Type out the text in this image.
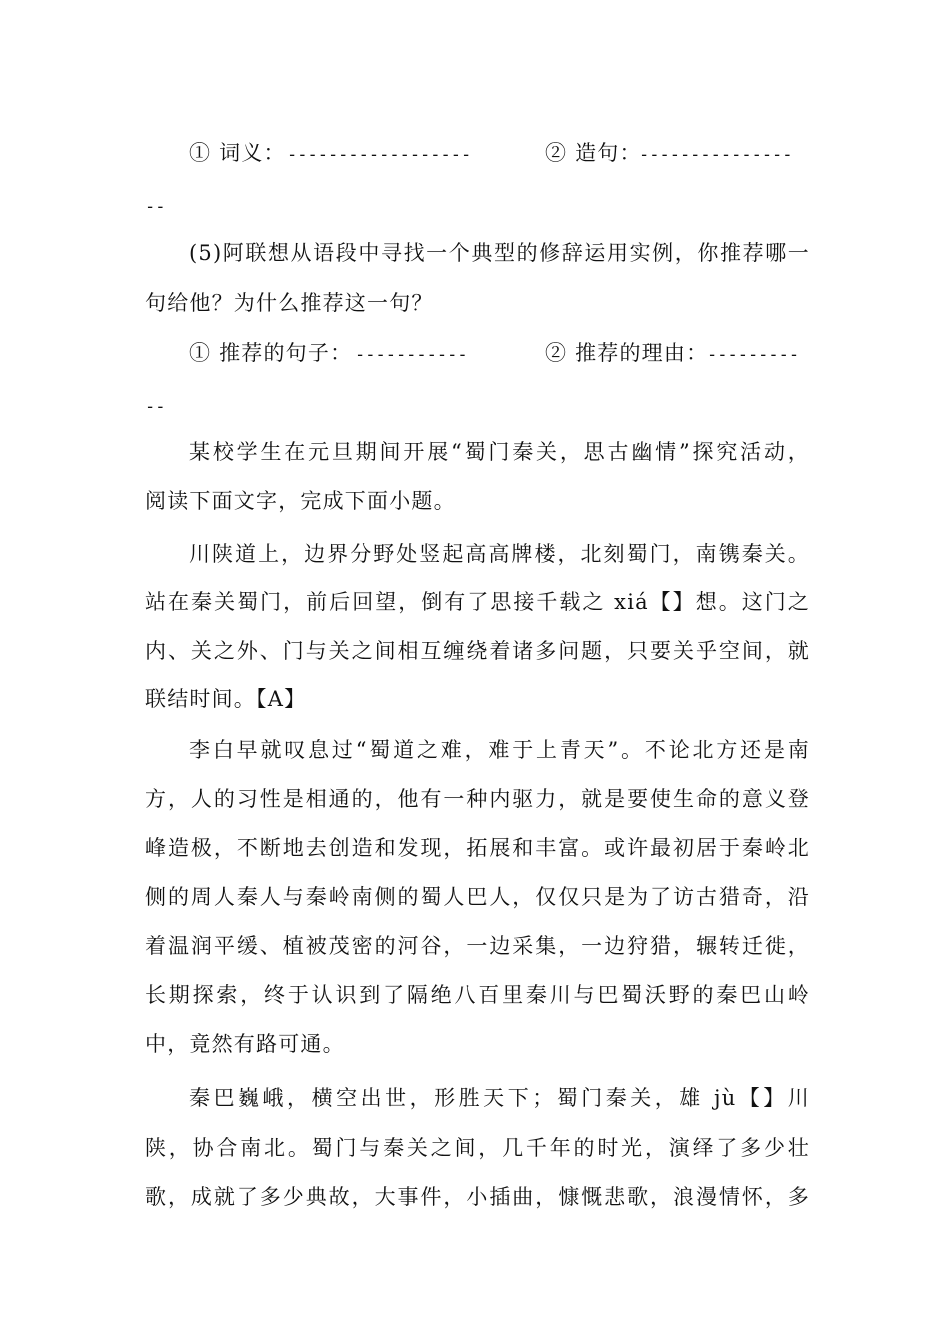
① 词义： ------------------	② 造句：
---------------
--
(5)阿联想从语段中寻找一个典型的修辞运用实例，你推荐哪一
句给他？为什么推荐这一句？
① 推荐的句子： -----------	② 推荐的理由：
---------
--
某校学生在元旦期间开展“蜀门秦关，思古幽情”探究活动，
阅读下面文字，完成下面小题。
川陕道上，边界分野处竖起高高牌楼，北刻蜀门，南镌秦关。
站在秦关蜀门，前后回望，倒有了思接千载之 xiá【】想。这门之
内、关之外、门与关之间相互缠绕着诸多问题，只要关乎空间，就
联结时间。【A】
李白早就叹息过“蜀道之难，难于上青天”。不论北方还是南
方，人的习性是相通的，他有一种内驱力，就是要使生命的意义登
峰造极，不断地去创造和发现，拓展和丰富。或许最初居于秦岭北
侧的周人秦人与秦岭南侧的蜀人巴人，仅仅只是为了访古猎奇，沿
着温润平缓、植被茂密的河谷，一边采集，一边狩猎，辗转迁徙，
长期探索，终于认识到了隔绝八百里秦川与巴蜀沃野的秦巴山岭
中，竟然有路可通。
秦巴巍峨，横空出世，形胜天下；蜀门秦关，雄 jù【】川
陕，协合南北。蜀门与秦关之间，几千年的时光，演绎了多少壮
歌，成就了多少典故，大事件，小插曲，慷慨悲歌，浪漫情怀，多
